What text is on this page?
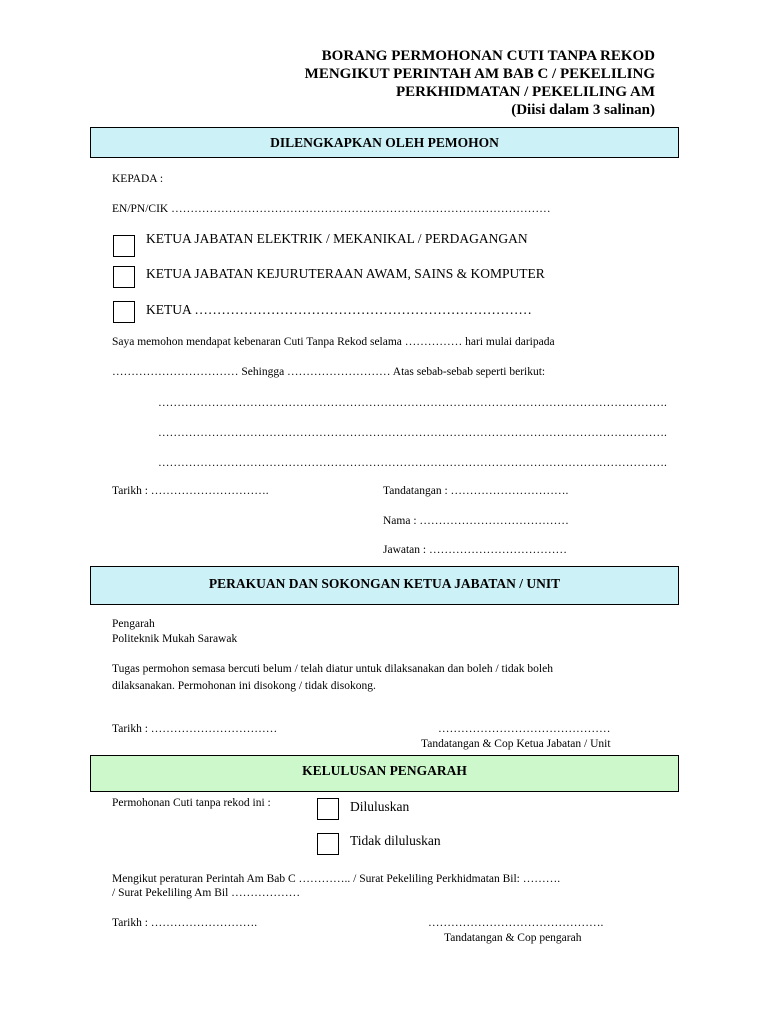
BORANG PERMOHONAN CUTI TANPA REKOD
MENGIKUT PERINTAH AM BAB C / PEKELILING
PERKHIDMATAN / PEKELILING AM
(Diisi dalam 3 salinan)
DILENGKAPKAN OLEH PEMOHON
KEPADA :
EN/PN/CIK ………………………………………………………………………………………
KETUA JABATAN ELEKTRIK / MEKANIKAL / PERDAGANGAN
KETUA JABATAN KEJURUTERAAN AWAM, SAINS & KOMPUTER
KETUA …………………………………………………………………
Saya memohon mendapat kebenaran Cuti Tanpa Rekod selama …………… hari mulai daripada
…………………………… Sehingga ……………………… Atas sebab-sebab seperti berikut:
…………………………………………………………………………………………………………………….
…………………………………………………………………………………………………………………….
…………………………………………………………………………………………………………………….
Tarikh : ………………………….	Tandatangan : ………………………….
Nama : …………………………………
Jawatan : ………………………………
PERAKUAN DAN SOKONGAN KETUA JABATAN / UNIT
Pengarah
Politeknik Mukah Sarawak
Tugas permohon semasa bercuti belum / telah diatur untuk dilaksanakan dan boleh / tidak boleh
dilaksanakan. Permohonan ini disokong / tidak disokong.
Tarikh : ……………………………	………………………………………
Tandatangan & Cop Ketua Jabatan / Unit
KELULUSAN PENGARAH
Permohonan Cuti tanpa rekod ini :	Diluluskan
Tidak diluluskan
Mengikut peraturan Perintah Am Bab C ………….. / Surat Pekeliling Perkhidmatan Bil: ……….
/ Surat Pekeliling Am Bil ………………
Tarikh : ……………………….	……………………………………….
Tandatangan & Cop pengarah
